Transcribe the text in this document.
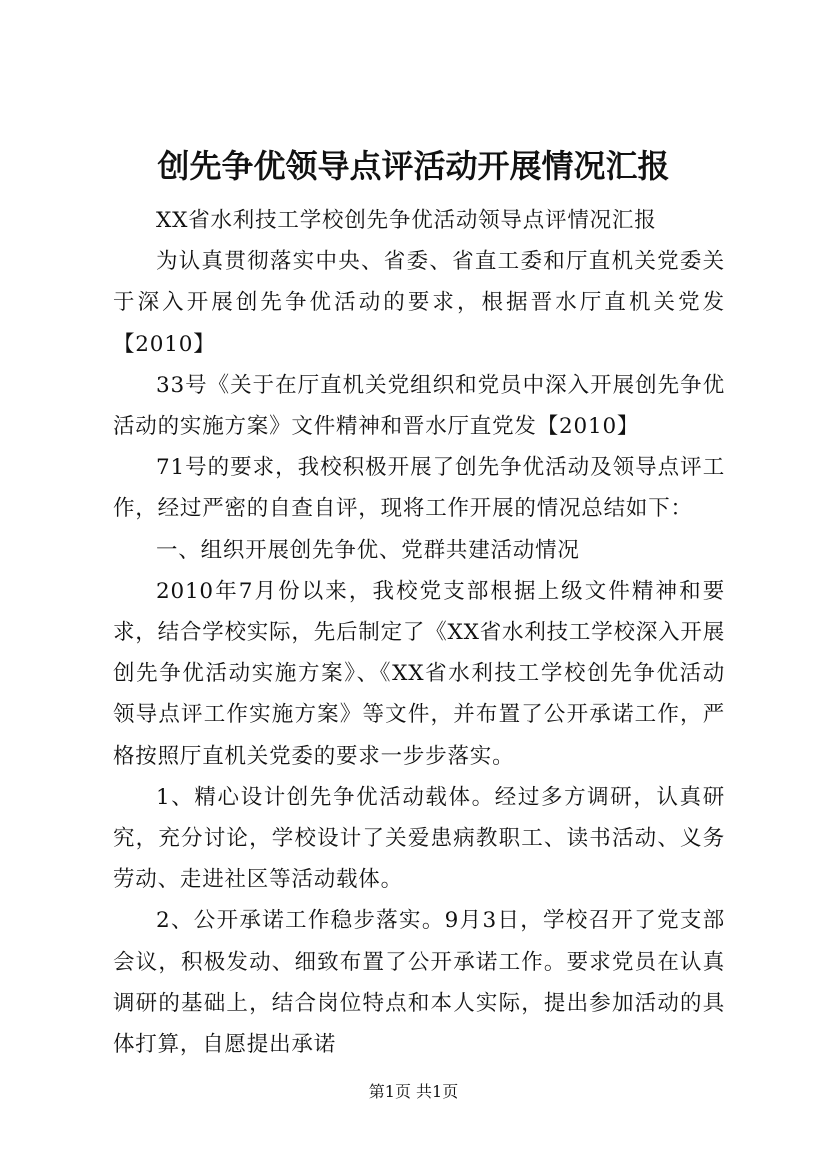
创先争优领导点评活动开展情况汇报

XX省水利技工学校创先争优活动领导点评情况汇报

为认真贯彻落实中央、省委、省直工委和厅直机关党委关于深入开展创先争优活动的要求，根据晋水厅直机关党发【2010】

33号《关于在厅直机关党组织和党员中深入开展创先争优活动的实施方案》文件精神和晋水厅直党发【2010】

71号的要求，我校积极开展了创先争优活动及领导点评工作，经过严密的自查自评，现将工作开展的情况总结如下：

一、组织开展创先争优、党群共建活动情况

2010年7月份以来，我校党支部根据上级文件精神和要求，结合学校实际，先后制定了《XX省水利技工学校深入开展创先争优活动实施方案》、《XX省水利技工学校创先争优活动领导点评工作实施方案》等文件，并布置了公开承诺工作，严格按照厅直机关党委的要求一步步落实。

1、精心设计创先争优活动载体。经过多方调研，认真研究，充分讨论，学校设计了关爱患病教职工、读书活动、义务劳动、走进社区等活动载体。

2、公开承诺工作稳步落实。9月3日，学校召开了党支部会议，积极发动、细致布置了公开承诺工作。要求党员在认真调研的基础上，结合岗位特点和本人实际，提出参加活动的具体打算，自愿提出承诺

第1页 共1页
